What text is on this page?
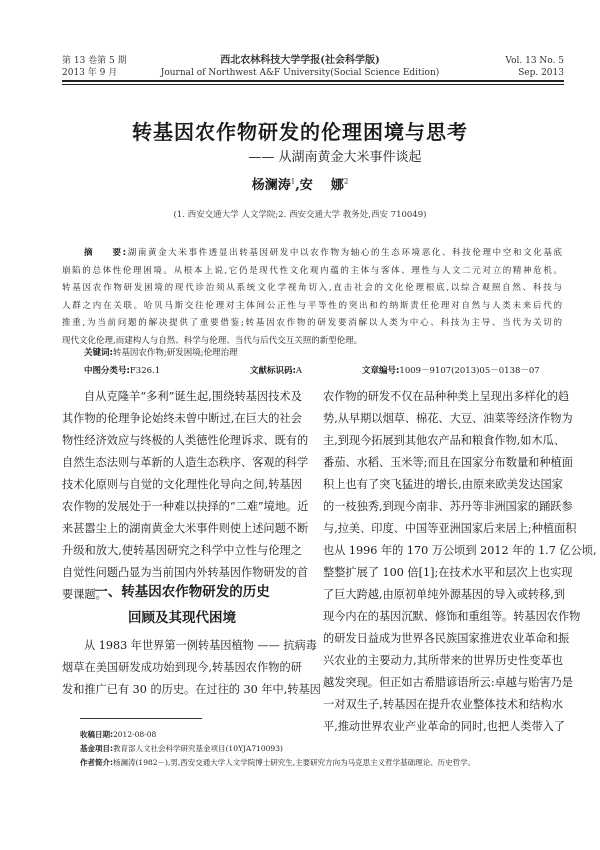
第 13 卷第 5 期
2013 年 9 月
西北农林科技大学学报(社会科学版)
Journal of Northwest A&F University(Social Science Edition)
Vol. 13 No. 5
Sep. 2013
转基因农作物研发的伦理困境与思考
—— 从湖南黄金大米事件谈起
杨澜涛$^1$,安    娜$^2$
(1. 西安交通大学 人文学院;2. 西安交通大学 教务处,西安 710049)
摘    要:湖南黄金大米事件透显出转基因研发中以农作物为轴心的生态环境恶化、科技伦理中空和文化基底
崩陷的总体性伦理困境。从根本上说,它仍是现代性文化观内蕴的主体与客体、理性与人文二元对立的精神危机。
转基因农作物研发困境的现代诊治须从系统文化学视角切入,直击社会的文化伦理根底,以综合观照自然、科技与
人群之内在关联。哈贝马斯交往伦理对主体间公正性与平等性的突出和约纳斯责任伦理对自然与人类未来后代的
推重,为当前问题的解决提供了重要借鉴;转基因农作物的研发要消解以人类为中心、科技为主导、当代为关切的
现代文化伦理,而建构人与自然、科学与伦理、当代与后代交互关照的新型伦理。
关键词:转基因农作物;研发困境;伦理治理
中图分类号:F326.1	文献标识码:A	文章编号:1009－9107(2013)05－0138－07
自从克隆羊“多利”诞生起,围绕转基因技术及
其作物的伦理争论始终未曾中断过,在巨大的社会
物性经济效应与终极的人类德性伦理诉求、既有的
自然生态法则与革新的人造生态秩序、客观的科学
技术化原则与自觉的文化理性化导向之间,转基因
农作物的发展处于一种难以抉择的“二难”境地。近
来甚嚣尘上的湖南黄金大米事件则使上述问题不断
升级和放大,使转基因研究之科学中立性与伦理之
自觉性问题凸显为当前国内外转基因作物研发的首
要课题。
一、转基因农作物研发的历史
回顾及其现代困境
从 1983 年世界第一例转基因植物 —— 抗病毒
烟草在美国研发成功始到现今,转基因农作物的研
发和推广已有 30 的历史。在过往的 30 年中,转基因
农作物的研发不仅在品种种类上呈现出多样化的趋
势,从早期以烟草、棉花、大豆、油菜等经济作物为
主,到现今拓展到其他农产品和粮食作物,如木瓜、
番茄、水稻、玉米等;而且在国家分布数量和种植面
积上也有了突飞猛进的增长,由原来欧美发达国家
的一枝独秀,到现今南非、苏丹等非洲国家的踊跃参
与,拉美、印度、中国等亚洲国家后来居上;种植面积
也从 1996 年的 170 万公顷到 2012 年的 1.7 亿公顷,
整整扩展了 100 倍[1];在技术水平和层次上也实现
了巨大跨越,由原初单纯外源基因的导入或转移,到
现今内在的基因沉默、修饰和重组等。转基因农作物
的研发日益成为世界各民族国家推进农业革命和振
兴农业的主要动力,其所带来的世界历史性变革也
越发突现。但正如古希腊谚语所云:卓越与贻害乃是
一对双生子,转基因在提升农业整体技术和结构水
平,推动世界农业产业革命的同时,也把人类带入了
收稿日期:2012-08-08
基金项目:教育部人文社会科学研究基金项目(10YJA710093)
作者简介:杨澜涛(1982－),男,西安交通大学人文学院博士研究生,主要研究方向为马克思主义哲学基础理论、历史哲学。
